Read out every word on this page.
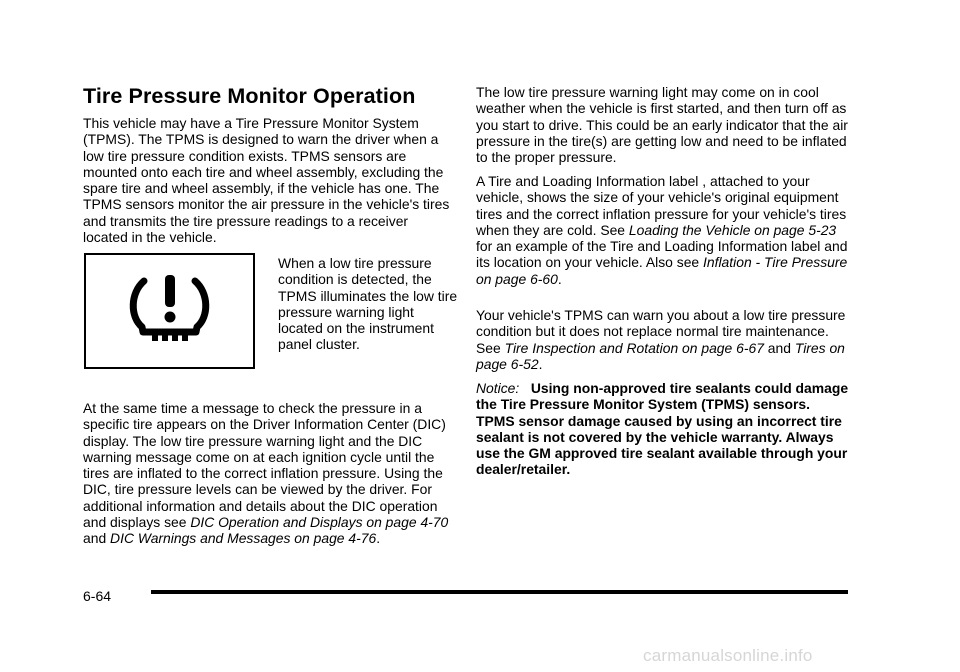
Tire Pressure Monitor Operation

This vehicle may have a Tire Pressure Monitor System (TPMS). The TPMS is designed to warn the driver when a low tire pressure condition exists. TPMS sensors are mounted onto each tire and wheel assembly, excluding the spare tire and wheel assembly, if the vehicle has one. The TPMS sensors monitor the air pressure in the vehicle's tires and transmits the tire pressure readings to a receiver located in the vehicle.

When a low tire pressure condition is detected, the TPMS illuminates the low tire pressure warning light located on the instrument panel cluster.

At the same time a message to check the pressure in a specific tire appears on the Driver Information Center (DIC) display. The low tire pressure warning light and the DIC warning message come on at each ignition cycle until the tires are inflated to the correct inflation pressure. Using the DIC, tire pressure levels can be viewed by the driver. For additional information and details about the DIC operation and displays see DIC Operation and Displays on page 4-70 and DIC Warnings and Messages on page 4-76.

The low tire pressure warning light may come on in cool weather when the vehicle is first started, and then turn off as you start to drive. This could be an early indicator that the air pressure in the tire(s) are getting low and need to be inflated to the proper pressure.

A Tire and Loading Information label , attached to your vehicle, shows the size of your vehicle's original equipment tires and the correct inflation pressure for your vehicle's tires when they are cold. See Loading the Vehicle on page 5-23 for an example of the Tire and Loading Information label and its location on your vehicle. Also see Inflation - Tire Pressure on page 6-60.

Your vehicle's TPMS can warn you about a low tire pressure condition but it does not replace normal tire maintenance. See Tire Inspection and Rotation on page 6-67 and Tires on page 6-52.

Notice: Using non-approved tire sealants could damage the Tire Pressure Monitor System (TPMS) sensors. TPMS sensor damage caused by using an incorrect tire sealant is not covered by the vehicle warranty. Always use the GM approved tire sealant available through your dealer/retailer.

6-64
carmanualsonline.info
